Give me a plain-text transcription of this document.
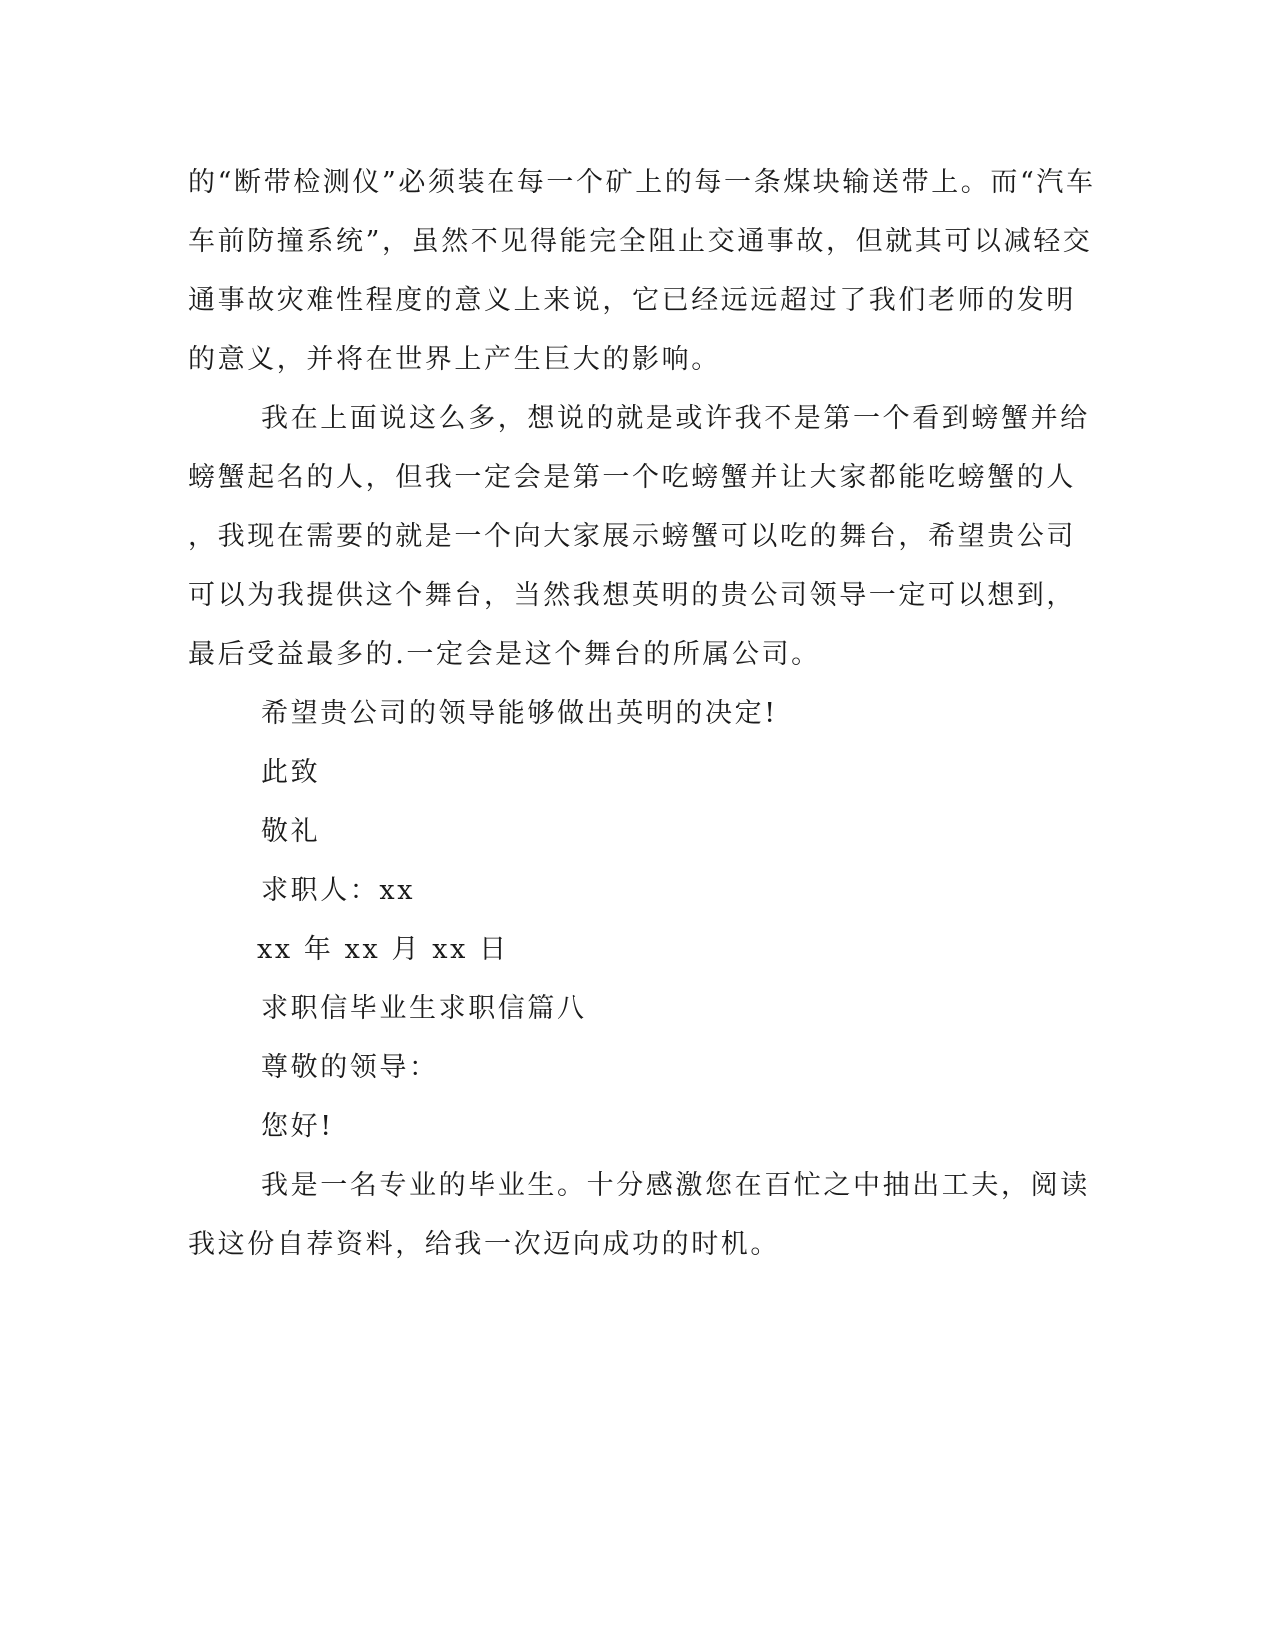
的“断带检测仪”必须装在每一个矿上的每一条煤块输送带上。而“汽车
车前防撞系统”，虽然不见得能完全阻止交通事故，但就其可以减轻交
通事故灾难性程度的意义上来说，它已经远远超过了我们老师的发明
的意义，并将在世界上产生巨大的影响。
我在上面说这么多，想说的就是或许我不是第一个看到螃蟹并给
螃蟹起名的人，但我一定会是第一个吃螃蟹并让大家都能吃螃蟹的人
，我现在需要的就是一个向大家展示螃蟹可以吃的舞台，希望贵公司
可以为我提供这个舞台，当然我想英明的贵公司领导一定可以想到，
最后受益最多的.一定会是这个舞台的所属公司。
希望贵公司的领导能够做出英明的决定!
此致
敬礼
求职人：xx
xx 年 xx 月 xx 日
求职信毕业生求职信篇八
尊敬的领导：
您好!
我是一名专业的毕业生。十分感激您在百忙之中抽出工夫，阅读
我这份自荐资料，给我一次迈向成功的时机。
